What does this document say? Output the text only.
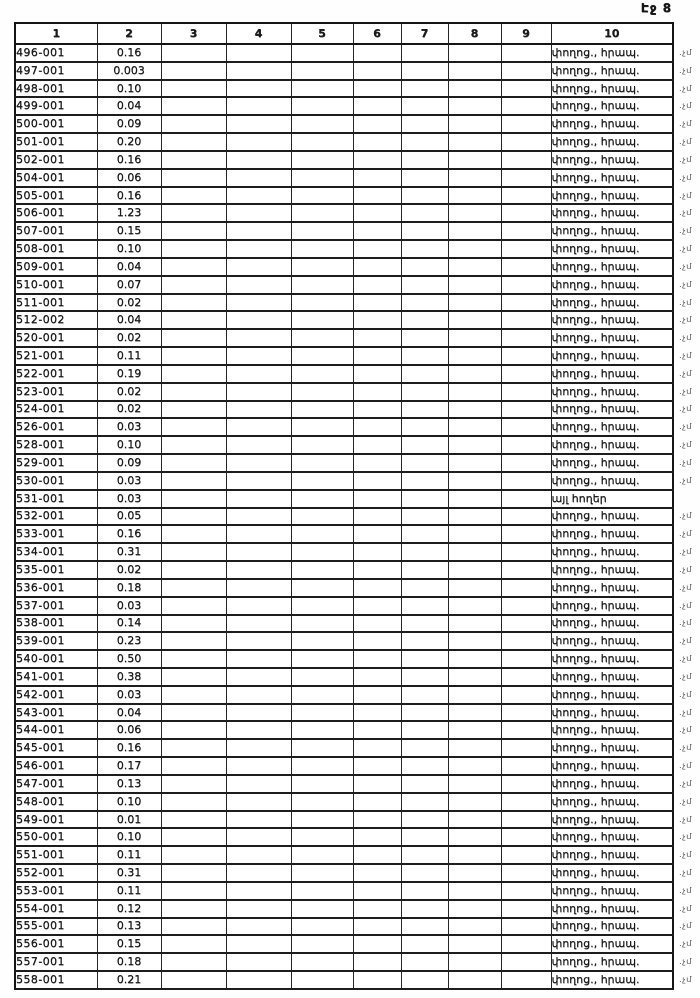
Էջ 8
1	2	3	4	5	6	7	8	9	10
496-001	0.16								փողոց., հրապ.
497-001	0.003								փողոց., հրապ.
498-001	0.10								փողոց., հրապ.
499-001	0.04								փողոց., հրապ.
500-001	0.09								փողոց., հրապ.
501-001	0.20								փողոց., հրապ.
502-001	0.16								փողոց., հրապ.
504-001	0.06								փողոց., հրապ.
505-001	0.16								փողոց., հրապ.
506-001	1.23								փողոց., հրապ.
507-001	0.15								փողոց., հրապ.
508-001	0.10								փողոց., հրապ.
509-001	0.04								փողոց., հրապ.
510-001	0.07								փողոց., հրապ.
511-001	0.02								փողոց., հրապ.
512-002	0.04								փողոց., հրապ.
520-001	0.02								փողոց., հրապ.
521-001	0.11								փողոց., հրապ.
522-001	0.19								փողոց., հրապ.
523-001	0.02								փողոց., հրապ.
524-001	0.02								փողոց., հրապ.
526-001	0.03								փողոց., հրապ.
528-001	0.10								փողոց., հրապ.
529-001	0.09								փողոց., հրապ.
530-001	0.03								փողոց., հրապ.
531-001	0.03								այլ հողեր
532-001	0.05								փողոց., հրապ.
533-001	0.16								փողոց., հրապ.
534-001	0.31								փողոց., հրապ.
535-001	0.02								փողոց., հրապ.
536-001	0.18								փողոց., հրապ.
537-001	0.03								փողոց., հրապ.
538-001	0.14								փողոց., հրապ.
539-001	0.23								փողոց., հրապ.
540-001	0.50								փողոց., հրապ.
541-001	0.38								փողոց., հրապ.
542-001	0.03								փողոց., հրապ.
543-001	0.04								փողոց., հրապ.
544-001	0.06								փողոց., հրապ.
545-001	0.16								փողոց., հրապ.
546-001	0.17								փողոց., հրապ.
547-001	0.13								փողոց., հրապ.
548-001	0.10								փողոց., հրապ.
549-001	0.01								փողոց., հրապ.
550-001	0.10								փողոց., հրապ.
551-001	0.11								փողոց., հրապ.
552-001	0.31								փողոց., հրապ.
553-001	0.11								փողոց., հրապ.
554-001	0.12								փողոց., հրապ.
555-001	0.13								փողոց., հրապ.
556-001	0.15								փողոց., հրապ.
557-001	0.18								փողոց., հրապ.
558-001	0.21								փողոց., հրապ.
.չմ
.չմ
.չմ
.չմ
.չմ
.չմ
.չմ
.չմ
.չմ
.չմ
.չմ
.չմ
.չմ
.չմ
.չմ
.չմ
.չմ
.չմ
.չմ
.չմ
.չմ
.չմ
.չմ
.չմ
.չմ
.չմ
.չմ
.չմ
.չմ
.չմ
.չմ
.չմ
.չմ
.չմ
.չմ
.չմ
.չմ
.չմ
.չմ
.չմ
.չմ
.չմ
.չմ
.չմ
.չմ
.չմ
.չմ
.չմ
.չմ
.չմ
.չմ
.չմ
